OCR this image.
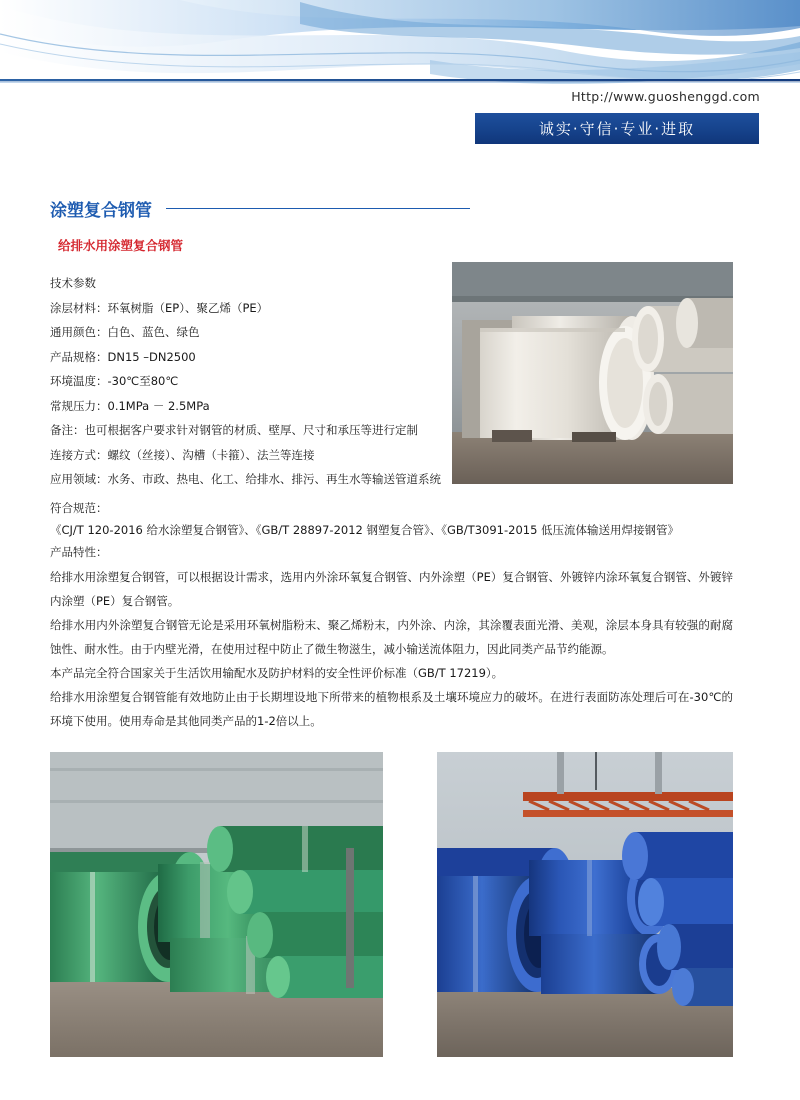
Http://www.guoshenggd.com
诚实·守信·专业·进取
涂塑复合钢管
给排水用涂塑复合钢管
技术参数
涂层材料：环氧树脂（EP）、聚乙烯（PE）
通用颜色：白色、蓝色、绿色
产品规格：DN15 –DN2500
环境温度：-30℃至80℃
常规压力：0.1MPa － 2.5MPa
备注：也可根据客户要求针对钢管的材质、壁厚、尺寸和承压等进行定制
连接方式：螺纹（丝接）、沟槽（卡箍）、法兰等连接
应用领域：水务、市政、热电、化工、给排水、排污、再生水等输送管道系统
符合规范：
《CJ/T 120-2016 给水涂塑复合钢管》、《GB/T 28897-2012 钢塑复合管》、《GB/T3091-2015 低压流体输送用焊接钢管》
产品特性：

给排水用涂塑复合钢管，可以根据设计需求，选用内外涂环氧复合钢管、内外涂塑（PE）复合钢管、外镀锌内涂环氧复合钢管、外镀锌内涂塑（PE）复合钢管。

给排水用内外涂塑复合钢管无论是采用环氧树脂粉末、聚乙烯粉末，内外涂、内涂，其涂覆表面光滑、美观，涂层本身具有较强的耐腐蚀性、耐水性。由于内壁光滑，在使用过程中防止了微生物滋生，减小输送流体阻力，因此同类产品节约能源。

本产品完全符合国家关于生活饮用输配水及防护材料的安全性评价标准（GB/T 17219）。

给排水用涂塑复合钢管能有效地防止由于长期埋设地下所带来的植物根系及土壤环境应力的破坏。在进行表面防冻处理后可在-30℃的环境下使用。使用寿命是其他同类产品的1-2倍以上。
